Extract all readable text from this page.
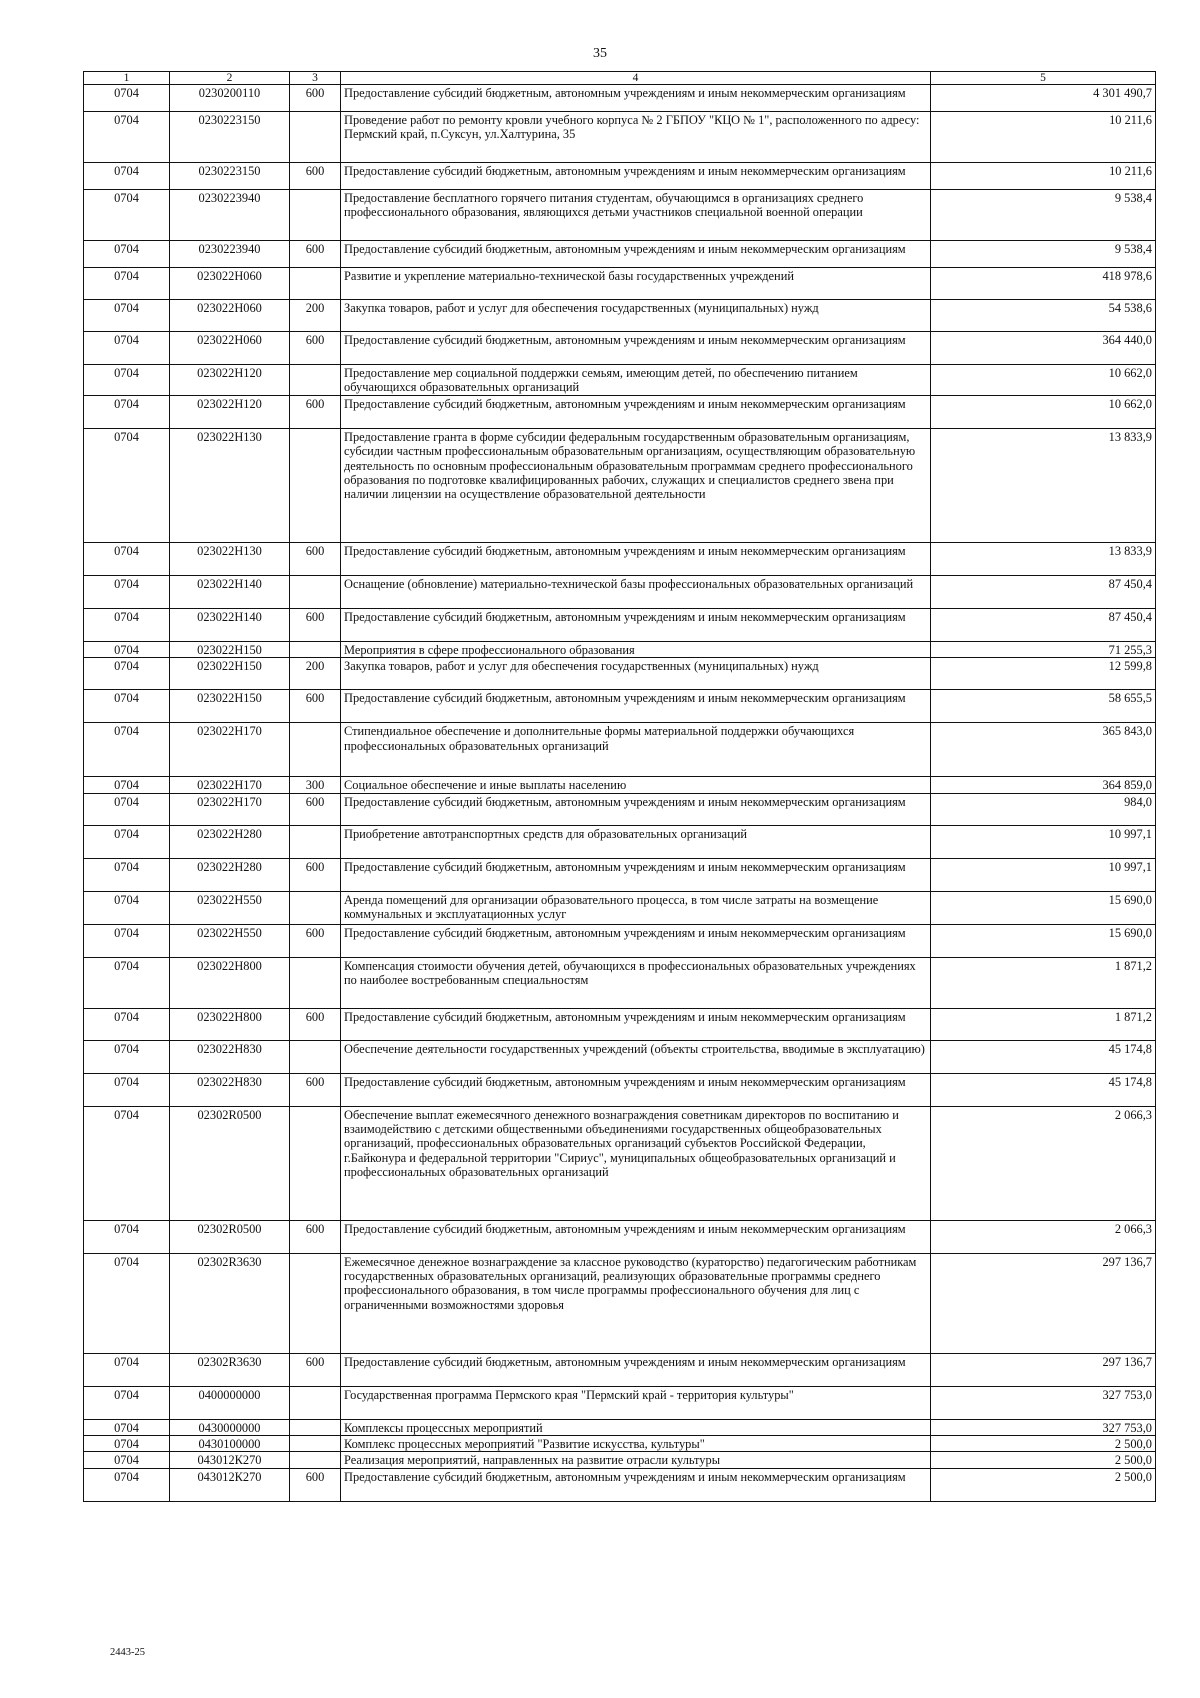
35
1	2	3	4	5
0704	0230200110	600	Предоставление субсидий бюджетным, автономным учреждениям и иным некоммерческим организациям	4 301 490,7
0704	0230223150		Проведение работ по ремонту кровли учебного корпуса № 2 ГБПОУ "КЦО № 1", расположенного по адресу: Пермский край, п.Суксун, ул.Халтурина, 35	10 211,6
0704	0230223150	600	Предоставление субсидий бюджетным, автономным учреждениям и иным некоммерческим организациям	10 211,6
0704	0230223940		Предоставление бесплатного горячего питания студентам, обучающимся в организациях среднего профессионального образования, являющихся детьми участников специальной военной операции	9 538,4
0704	0230223940	600	Предоставление субсидий бюджетным, автономным учреждениям и иным некоммерческим организациям	9 538,4
0704	023022Н060		Развитие и укрепление материально-технической базы государственных учреждений	418 978,6
0704	023022Н060	200	Закупка товаров, работ и услуг для обеспечения государственных (муниципальных) нужд	54 538,6
0704	023022Н060	600	Предоставление субсидий бюджетным, автономным учреждениям и иным некоммерческим организациям	364 440,0
0704	023022Н120		Предоставление мер социальной поддержки семьям, имеющим детей, по обеспечению питанием обучающихся образовательных организаций	10 662,0
0704	023022Н120	600	Предоставление субсидий бюджетным, автономным учреждениям и иным некоммерческим организациям	10 662,0
0704	023022Н130		Предоставление гранта в форме субсидии федеральным государственным образовательным организациям, субсидии частным профессиональным образовательным организациям, осуществляющим образовательную деятельность по основным профессиональным образовательным программам среднего профессионального образования по подготовке квалифицированных рабочих, служащих и специалистов среднего звена при наличии лицензии на осуществление образовательной деятельности	13 833,9
0704	023022Н130	600	Предоставление субсидий бюджетным, автономным учреждениям и иным некоммерческим организациям	13 833,9
0704	023022Н140		Оснащение (обновление) материально-технической базы профессиональных образовательных организаций	87 450,4
0704	023022Н140	600	Предоставление субсидий бюджетным, автономным учреждениям и иным некоммерческим организациям	87 450,4
0704	023022Н150		Мероприятия в сфере профессионального образования	71 255,3
0704	023022Н150	200	Закупка товаров, работ и услуг для обеспечения государственных (муниципальных) нужд	12 599,8
0704	023022Н150	600	Предоставление субсидий бюджетным, автономным учреждениям и иным некоммерческим организациям	58 655,5
0704	023022Н170		Стипендиальное обеспечение и дополнительные формы материальной поддержки обучающихся профессиональных образовательных организаций	365 843,0
0704	023022Н170	300	Социальное обеспечение и иные выплаты населению	364 859,0
0704	023022Н170	600	Предоставление субсидий бюджетным, автономным учреждениям и иным некоммерческим организациям	984,0
0704	023022Н280		Приобретение автотранспортных средств для образовательных организаций	10 997,1
0704	023022Н280	600	Предоставление субсидий бюджетным, автономным учреждениям и иным некоммерческим организациям	10 997,1
0704	023022Н550		Аренда помещений для организации образовательного процесса, в том числе затраты на возмещение коммунальных и эксплуатационных услуг	15 690,0
0704	023022Н550	600	Предоставление субсидий бюджетным, автономным учреждениям и иным некоммерческим организациям	15 690,0
0704	023022Н800		Компенсация стоимости обучения детей, обучающихся в профессиональных образовательных учреждениях по наиболее востребованным специальностям	1 871,2
0704	023022Н800	600	Предоставление субсидий бюджетным, автономным учреждениям и иным некоммерческим организациям	1 871,2
0704	023022Н830		Обеспечение деятельности государственных учреждений (объекты строительства, вводимые в эксплуатацию)	45 174,8
0704	023022Н830	600	Предоставление субсидий бюджетным, автономным учреждениям и иным некоммерческим организациям	45 174,8
0704	02302R0500		Обеспечение выплат ежемесячного денежного вознаграждения советникам директоров по воспитанию и взаимодействию с детскими общественными объединениями государственных общеобразовательных организаций, профессиональных образовательных организаций субъектов Российской Федерации, г.Байконура и федеральной территории "Сириус", муниципальных общеобразовательных организаций и профессиональных образовательных организаций	2 066,3
0704	02302R0500	600	Предоставление субсидий бюджетным, автономным учреждениям и иным некоммерческим организациям	2 066,3
0704	02302R3630		Ежемесячное денежное вознаграждение за классное руководство (кураторство) педагогическим работникам государственных образовательных организаций, реализующих образовательные программы среднего профессионального образования, в том числе программы профессионального обучения для лиц с ограниченными возможностями здоровья	297 136,7
0704	02302R3630	600	Предоставление субсидий бюджетным, автономным учреждениям и иным некоммерческим организациям	297 136,7
0704	0400000000		Государственная программа Пермского края "Пермский край - территория культуры"	327 753,0
0704	0430000000		Комплексы процессных мероприятий	327 753,0
0704	0430100000		Комплекс процессных мероприятий "Развитие искусства, культуры"	2 500,0
0704	043012К270		Реализация мероприятий, направленных на развитие отрасли культуры	2 500,0
0704	043012К270	600	Предоставление субсидий бюджетным, автономным учреждениям и иным некоммерческим организациям	2 500,0
2443-25
